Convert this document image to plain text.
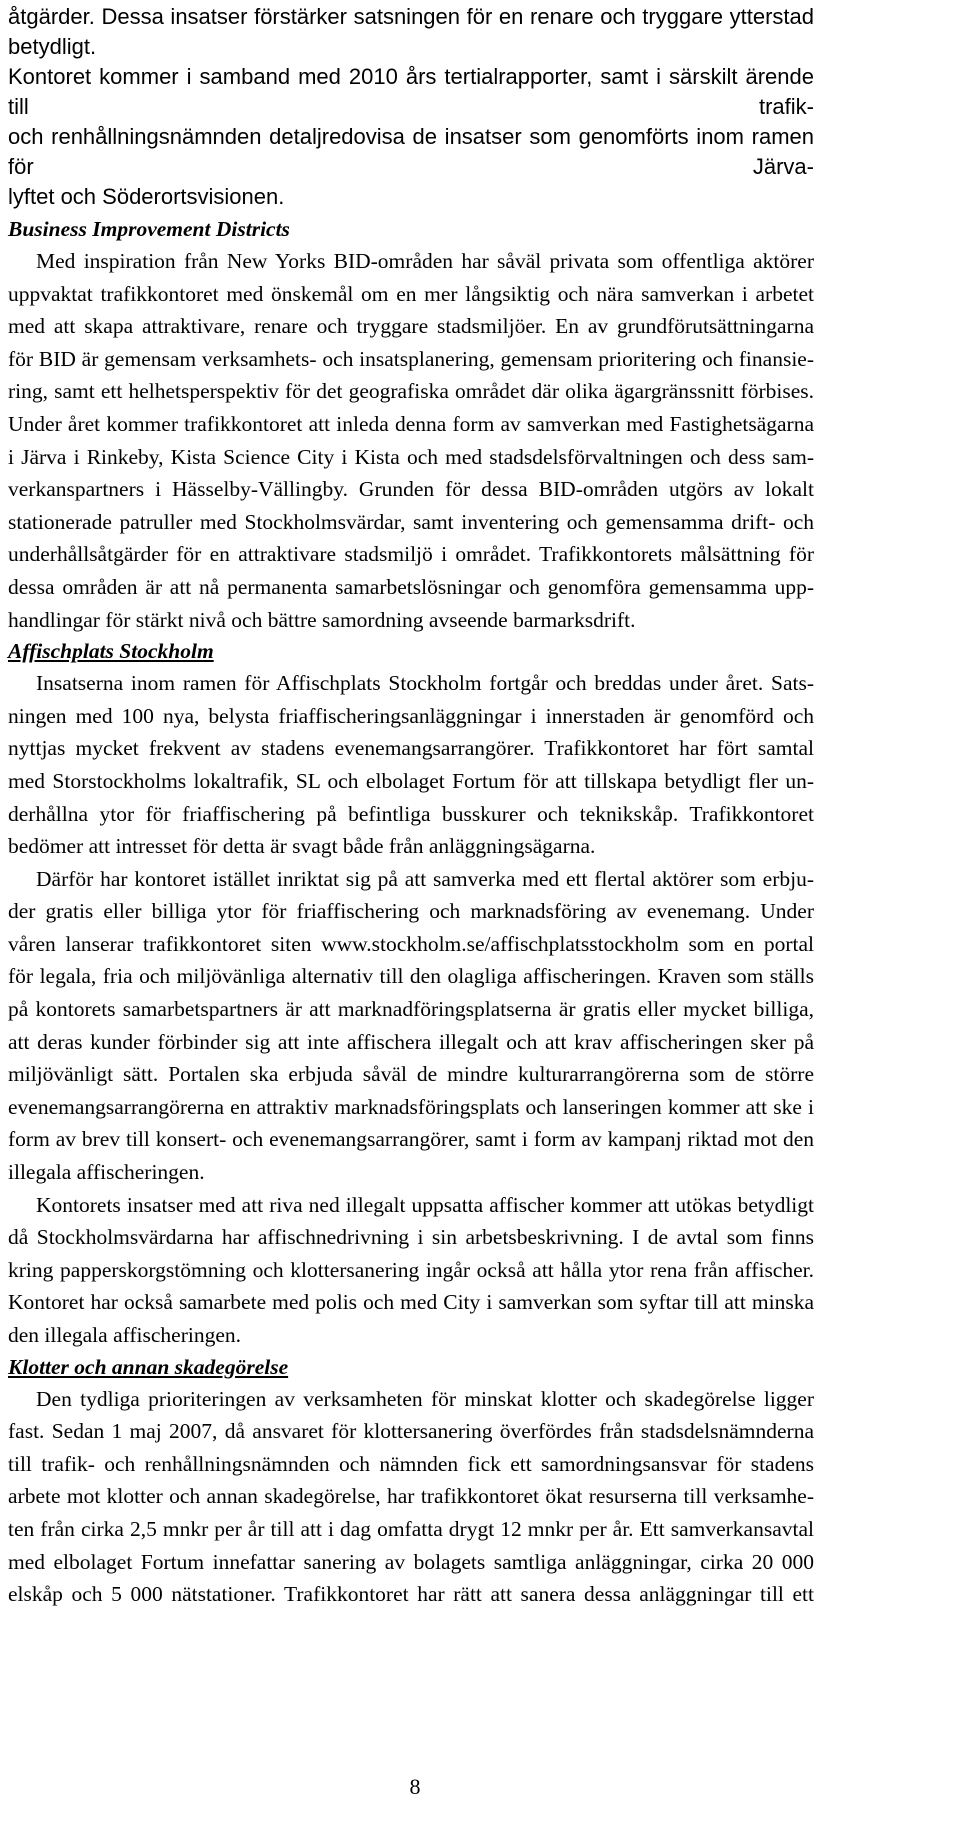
åtgärder. Dessa insatser förstärker satsningen för en renare och tryggare ytterstad betydligt.
Kontoret kommer i samband med 2010 års tertialrapporter, samt i särskilt ärende till trafik-
och renhållningsnämnden detaljredovisa de insatser som genomförts inom ramen för Järva-
lyftet och Söderortsvisionen.
Business Improvement Districts
Med inspiration från New Yorks BID-områden har såväl privata som offentliga aktörer
uppvaktat trafikkontoret med önskemål om en mer långsiktig och nära samverkan i arbetet
med att skapa attraktivare, renare och tryggare stadsmiljöer. En av grundförutsättningarna
för BID är gemensam verksamhets- och insatsplanering, gemensam prioritering och finansie-
ring, samt ett helhetsperspektiv för det geografiska området där olika ägargränssnitt förbises.
Under året kommer trafikkontoret att inleda denna form av samverkan med Fastighetsägarna
i Järva i Rinkeby, Kista Science City i Kista och med stadsdelsförvaltningen och dess sam-
verkanspartners i Hässelby-Vällingby. Grunden för dessa BID-områden utgörs av lokalt
stationerade patruller med Stockholmsvärdar, samt inventering och gemensamma drift- och
underhållsåtgärder för en attraktivare stadsmiljö i området. Trafikkontorets målsättning för
dessa områden är att nå permanenta samarbetslösningar och genomföra gemensamma upp-
handlingar för stärkt nivå och bättre samordning avseende barmarksdrift.
Affischplats Stockholm
Insatserna inom ramen för Affischplats Stockholm fortgår och breddas under året. Sats-
ningen med 100 nya, belysta friaffischeringsanläggningar i innerstaden är genomförd och
nyttjas mycket frekvent av stadens evenemangsarrangörer. Trafikkontoret har fört samtal
med Storstockholms lokaltrafik, SL och elbolaget Fortum för att tillskapa betydligt fler un-
derhållna ytor för friaffischering på befintliga busskurer och teknikskåp. Trafikkontoret
bedömer att intresset för detta är svagt både från anläggningsägarna.
Därför har kontoret istället inriktat sig på att samverka med ett flertal aktörer som erbju-
der gratis eller billiga ytor för friaffischering och marknadsföring av evenemang. Under
våren lanserar trafikkontoret siten www.stockholm.se/affischplatsstockholm som en portal
för legala, fria och miljövänliga alternativ till den olagliga affischeringen. Kraven som ställs
på kontorets samarbetspartners är att marknadföringsplatserna är gratis eller mycket billiga,
att deras kunder förbinder sig att inte affischera illegalt och att krav affischeringen sker på
miljövänligt sätt. Portalen ska erbjuda såväl de mindre kulturarrangörerna som de större
evenemangsarrangörerna en attraktiv marknadsföringsplats och lanseringen kommer att ske i
form av brev till konsert- och evenemangsarrangörer, samt i form av kampanj riktad mot den
illegala affischeringen.
Kontorets insatser med att riva ned illegalt uppsatta affischer kommer att utökas betydligt
då Stockholmsvärdarna har affischnedrivning i sin arbetsbeskrivning. I de avtal som finns
kring papperskorgstömning och klottersanering ingår också att hålla ytor rena från affischer.
Kontoret har också samarbete med polis och med City i samverkan som syftar till att minska
den illegala affischeringen.
Klotter och annan skadegörelse
Den tydliga prioriteringen av verksamheten för minskat klotter och skadegörelse ligger
fast. Sedan 1 maj 2007, då ansvaret för klottersanering överfördes från stadsdelsnämnderna
till trafik- och renhållningsnämnden och nämnden fick ett samordningsansvar för stadens
arbete mot klotter och annan skadegörelse, har trafikkontoret ökat resurserna till verksamhe-
ten från cirka 2,5 mnkr per år till att i dag omfatta drygt 12 mnkr per år. Ett samverkansavtal
med elbolaget Fortum innefattar sanering av bolagets samtliga anläggningar, cirka 20 000
elskåp och 5 000 nätstationer. Trafikkontoret har rätt att sanera dessa anläggningar till ett
8
